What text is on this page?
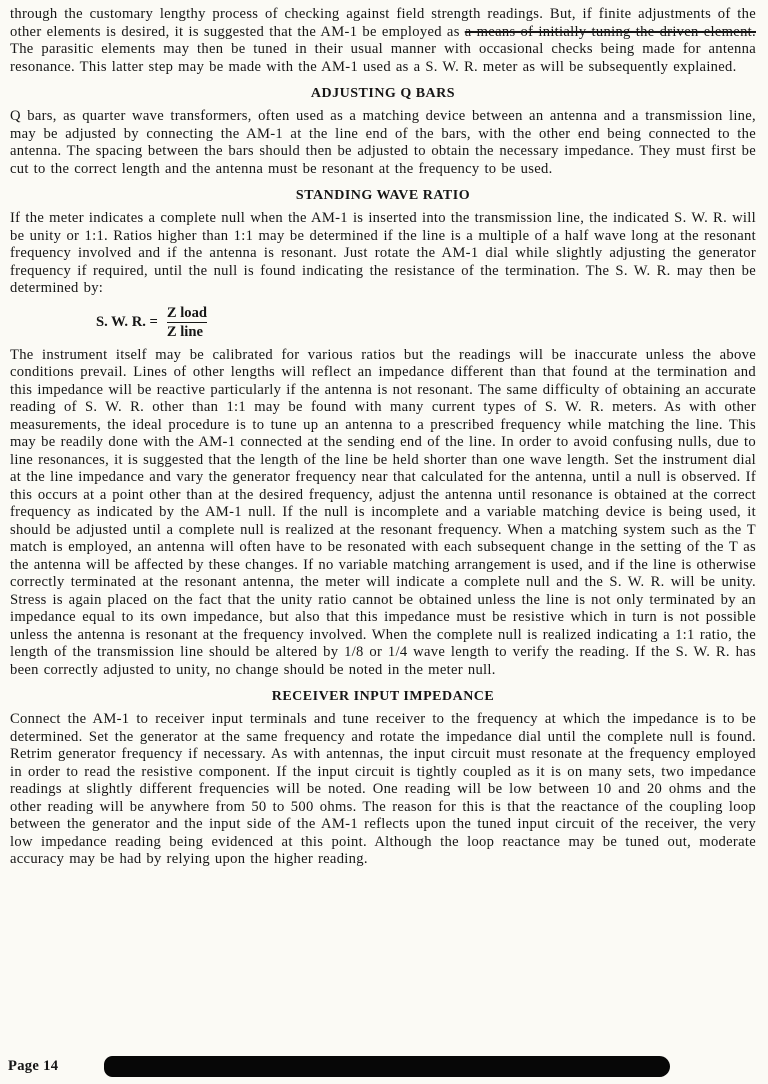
through the customary lengthy process of checking against field strength readings. But, if finite adjustments of the other elements is desired, it is suggested that the AM-1 be employed as a means of initially tuning the driven element. The parasitic elements may then be tuned in their usual manner with occasional checks being made for antenna resonance. This latter step may be made with the AM-1 used as a S. W. R. meter as will be subsequently explained.

ADJUSTING Q BARS

Q bars, as quarter wave transformers, often used as a matching device between an antenna and a transmission line, may be adjusted by connecting the AM-1 at the line end of the bars, with the other end being connected to the antenna. The spacing between the bars should then be adjusted to obtain the necessary impedance. They must first be cut to the correct length and the antenna must be resonant at the frequency to be used.

STANDING WAVE RATIO

If the meter indicates a complete null when the AM-1 is inserted into the transmission line, the indicated S. W. R. will be unity or 1:1. Ratios higher than 1:1 may be determined if the line is a multiple of a half wave long at the resonant frequency involved and if the antenna is resonant. Just rotate the AM-1 dial while slightly adjusting the generator frequency if required, until the null is found indicating the resistance of the termination. The S. W. R. may then be determined by:

S. W. R. = $\frac{\text{Z load}}{\text{Z line}}$

The instrument itself may be calibrated for various ratios but the readings will be inaccurate unless the above conditions prevail. Lines of other lengths will reflect an impedance different than that found at the termination and this impedance will be reactive particularly if the antenna is not resonant. The same difficulty of obtaining an accurate reading of S. W. R. other than 1:1 may be found with many current types of S. W. R. meters. As with other measurements, the ideal procedure is to tune up an antenna to a prescribed frequency while matching the line. This may be readily done with the AM-1 connected at the sending end of the line. In order to avoid confusing nulls, due to line resonances, it is suggested that the length of the line be held shorter than one wave length. Set the instrument dial at the line impedance and vary the generator frequency near that calculated for the antenna, until a null is observed. If this occurs at a point other than at the desired frequency, adjust the antenna until resonance is obtained at the correct frequency as indicated by the AM-1 null. If the null is incomplete and a variable matching device is being used, it should be adjusted until a complete null is realized at the resonant frequency. When a matching system such as the T match is employed, an antenna will often have to be resonated with each subsequent change in the setting of the T as the antenna will be affected by these changes. If no variable matching arrangement is used, and if the line is otherwise correctly terminated at the resonant antenna, the meter will indicate a complete null and the S. W. R. will be unity. Stress is again placed on the fact that the unity ratio cannot be obtained unless the line is not only terminated by an impedance equal to its own impedance, but also that this impedance must be resistive which in turn is not possible unless the antenna is resonant at the frequency involved. When the complete null is realized indicating a 1:1 ratio, the length of the transmission line should be altered by 1/8 or 1/4 wave length to verify the reading. If the S. W. R. has been correctly adjusted to unity, no change should be noted in the meter null.

RECEIVER INPUT IMPEDANCE

Connect the AM-1 to receiver input terminals and tune receiver to the frequency at which the impedance is to be determined. Set the generator at the same frequency and rotate the impedance dial until the complete null is found. Retrim generator frequency if necessary. As with antennas, the input circuit must resonate at the frequency employed in order to read the resistive component. If the input circuit is tightly coupled as it is on many sets, two impedance readings at slightly different frequencies will be noted. One reading will be low between 10 and 20 ohms and the other reading will be anywhere from 50 to 500 ohms. The reason for this is that the reactance of the coupling loop between the generator and the input side of the AM-1 reflects upon the tuned input circuit of the receiver, the very low impedance reading being evidenced at this point. Although the loop reactance may be tuned out, moderate accuracy may be had by relying upon the higher reading.

Page 14
